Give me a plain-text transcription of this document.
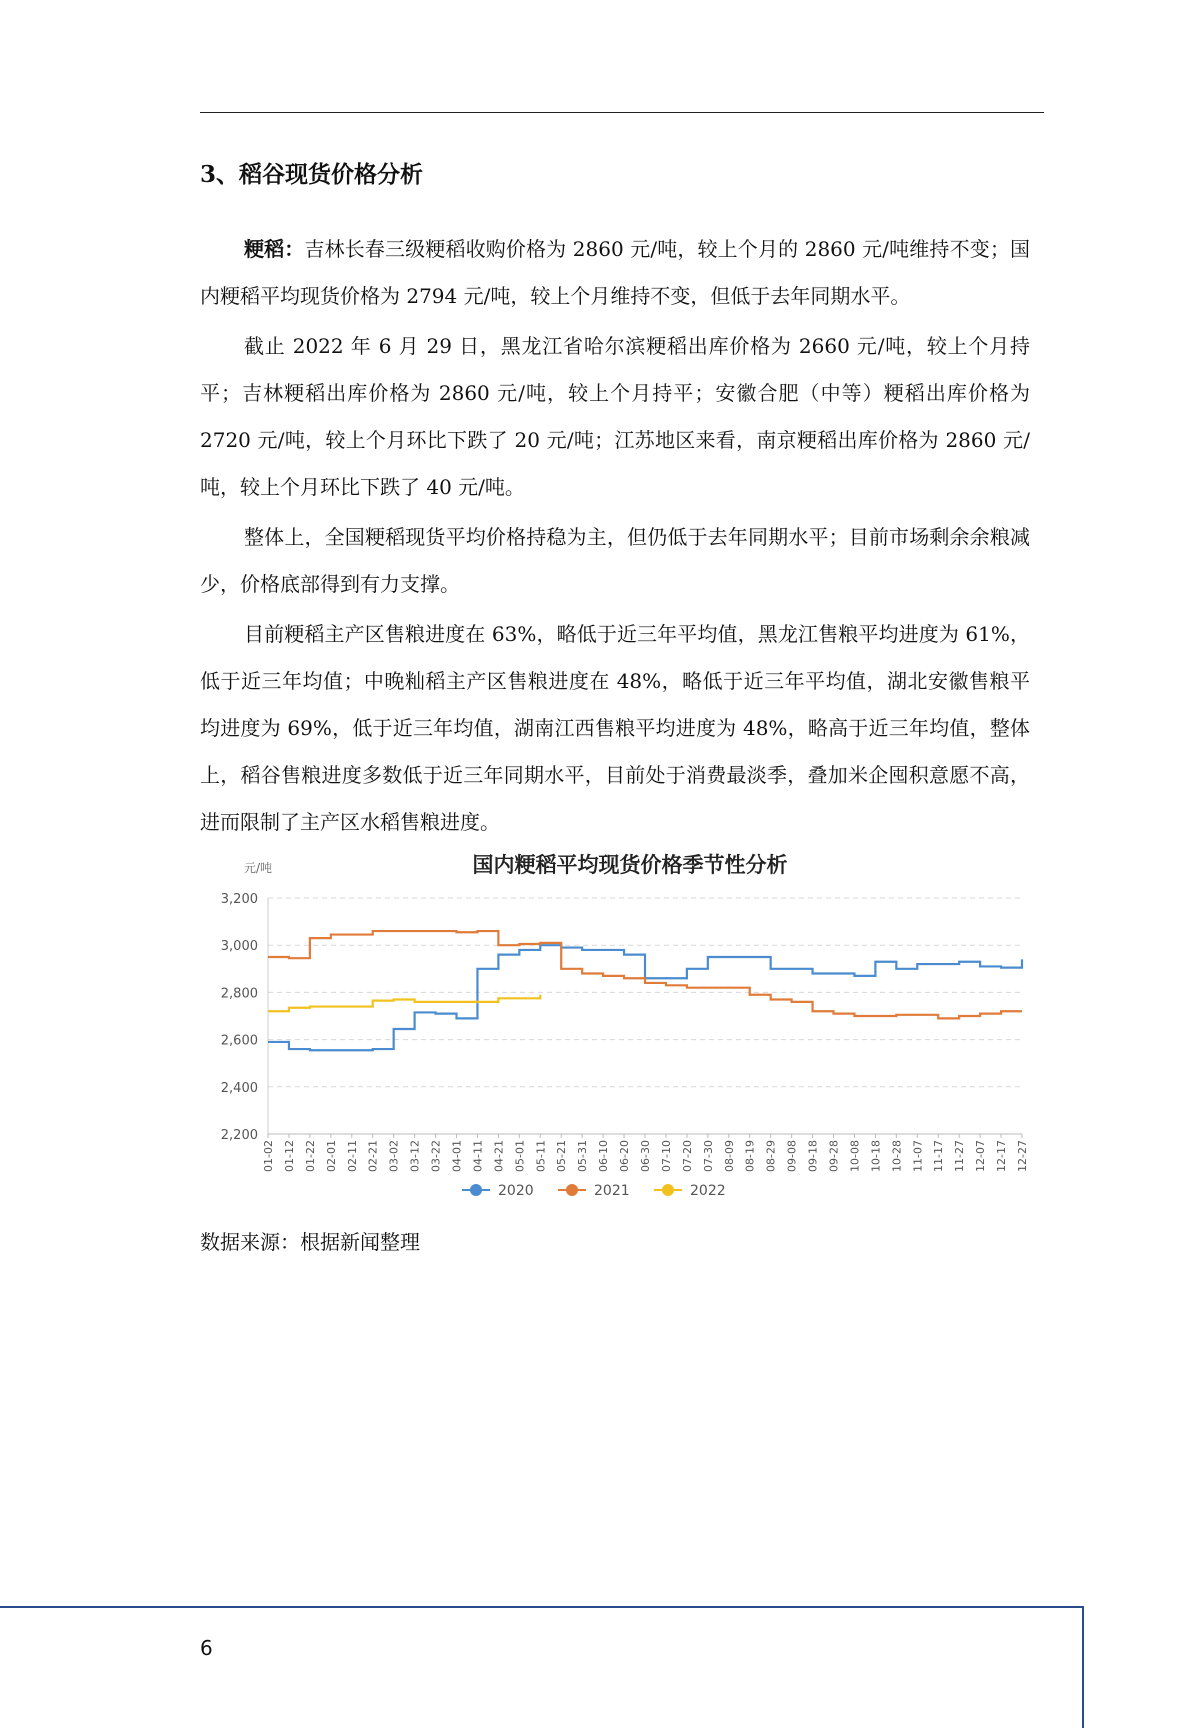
3、稻谷现货价格分析

粳稻：吉林长春三级粳稻收购价格为 2860 元/吨，较上个月的 2860 元/吨维持不变；国内粳稻平均现货价格为 2794 元/吨，较上个月维持不变，但低于去年同期水平。

截止 2022 年 6 月 29 日，黑龙江省哈尔滨粳稻出库价格为 2660 元/吨，较上个月持平；吉林粳稻出库价格为 2860 元/吨，较上个月持平；安徽合肥（中等）粳稻出库价格为 2720 元/吨，较上个月环比下跌了 20 元/吨；江苏地区来看，南京粳稻出库价格为 2860 元/吨，较上个月环比下跌了 40 元/吨。

整体上，全国粳稻现货平均价格持稳为主，但仍低于去年同期水平；目前市场剩余余粮减少，价格底部得到有力支撑。

目前粳稻主产区售粮进度在 63%，略低于近三年平均值，黑龙江售粮平均进度为 61%，低于近三年均值；中晚籼稻主产区售粮进度在 48%，略低于近三年平均值，湖北安徽售粮平均进度为 69%，低于近三年均值，湖南江西售粮平均进度为 48%，略高于近三年均值，整体上，稻谷售粮进度多数低于近三年同期水平，目前处于消费最淡季，叠加米企囤积意愿不高，进而限制了主产区水稻售粮进度。

国内粳稻平均现货价格季节性分析
元/吨
3,200
3,000
2,800
2,600
2,400
2,200
01-02 01-12 01-22 02-01 02-11 02-21 03-02 03-12 03-22 04-01 04-11 04-21 05-01 05-11 05-21 05-31 06-10 06-20 06-30 07-10 07-20 07-30 08-09 08-19 08-29 09-08 09-18 09-28 10-08 10-18 10-28 11-07 11-17 11-27 12-07 12-17 12-27
2020	2021	2022

数据来源：根据新闻整理

6
